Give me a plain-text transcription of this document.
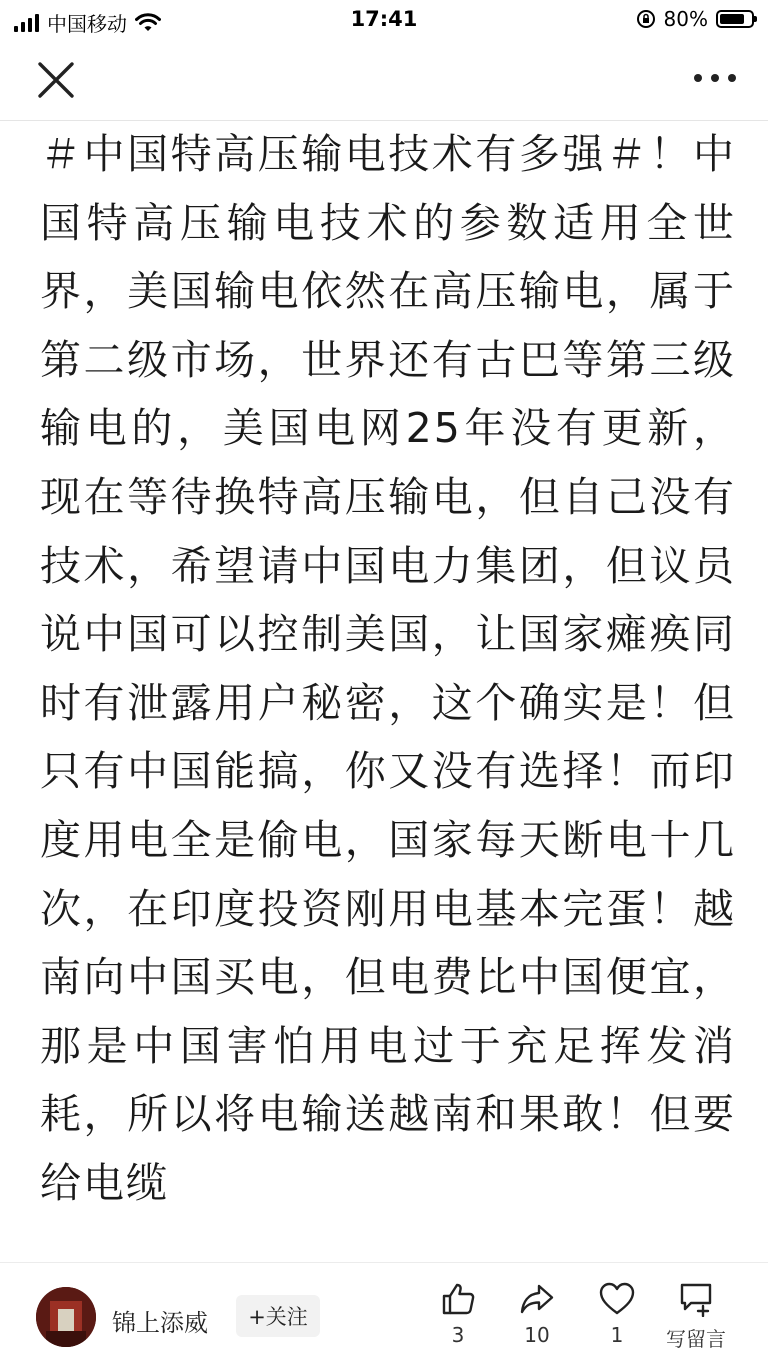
中国移动	17:41	80%

＃中国特高压输电技术有多强＃！中国特高压输电技术的参数适用全世界，美国输电依然在高压输电，属于第二级市场，世界还有古巴等第三级输电的，美国电网25年没有更新，现在等待换特高压输电，但自己没有技术，希望请中国电力集团，但议员说中国可以控制美国，让国家瘫痪同时有泄露用户秘密，这个确实是！但只有中国能搞，你又没有选择！而印度用电全是偷电，国家每天断电十几次，在印度投资刚用电基本完蛋！越南向中国买电，但电费比中国便宜，那是中国害怕用电过于充足挥发消耗，所以将电输送越南和果敢！但要给电缆

锦上添威	+关注
3	10	1	写留言
